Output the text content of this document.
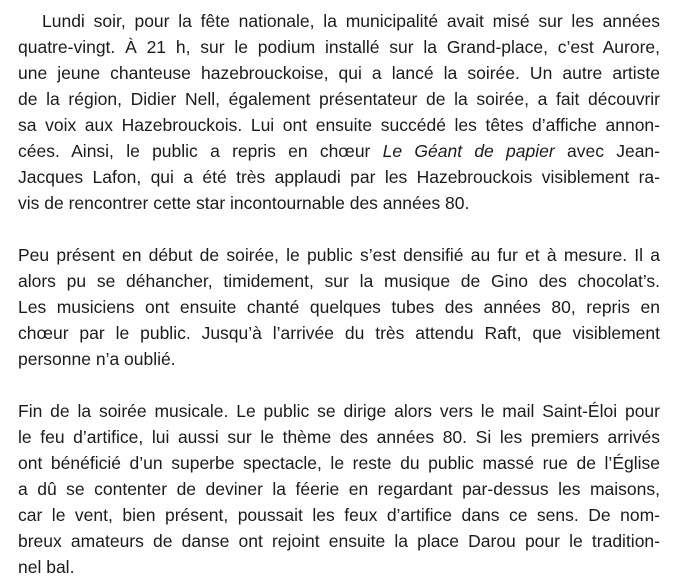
Lundi soir, pour la fête nationale, la municipalité avait misé sur les années
quatre-vingt. À 21 h, sur le podium installé sur la Grand-place, c’est Aurore,
une jeune chanteuse hazebrouckoise, qui a lancé la soirée. Un autre artiste
de la région, Didier Nell, également présentateur de la soirée, a fait découvrir
sa voix aux Hazebrouckois. Lui ont ensuite succédé les têtes d’affiche annon-
cées. Ainsi, le public a repris en chœur Le Géant de papier avec Jean-
Jacques Lafon, qui a été très applaudi par les Hazebrouckois visiblement ra-
vis de rencontrer cette star incontournable des années 80.

Peu présent en début de soirée, le public s’est densifié au fur et à mesure. Il a
alors pu se déhancher, timidement, sur la musique de Gino des chocolat’s.
Les musiciens ont ensuite chanté quelques tubes des années 80, repris en
chœur par le public. Jusqu’à l’arrivée du très attendu Raft, que visiblement
personne n’a oublié.

Fin de la soirée musicale. Le public se dirige alors vers le mail Saint-Éloi pour
le feu d’artifice, lui aussi sur le thème des années 80. Si les premiers arrivés
ont bénéficié d’un superbe spectacle, le reste du public massé rue de l’Église
a dû se contenter de deviner la féerie en regardant par-dessus les maisons,
car le vent, bien présent, poussait les feux d’artifice dans ce sens. De nom-
breux amateurs de danse ont rejoint ensuite la place Darou pour le tradition-
nel bal.
